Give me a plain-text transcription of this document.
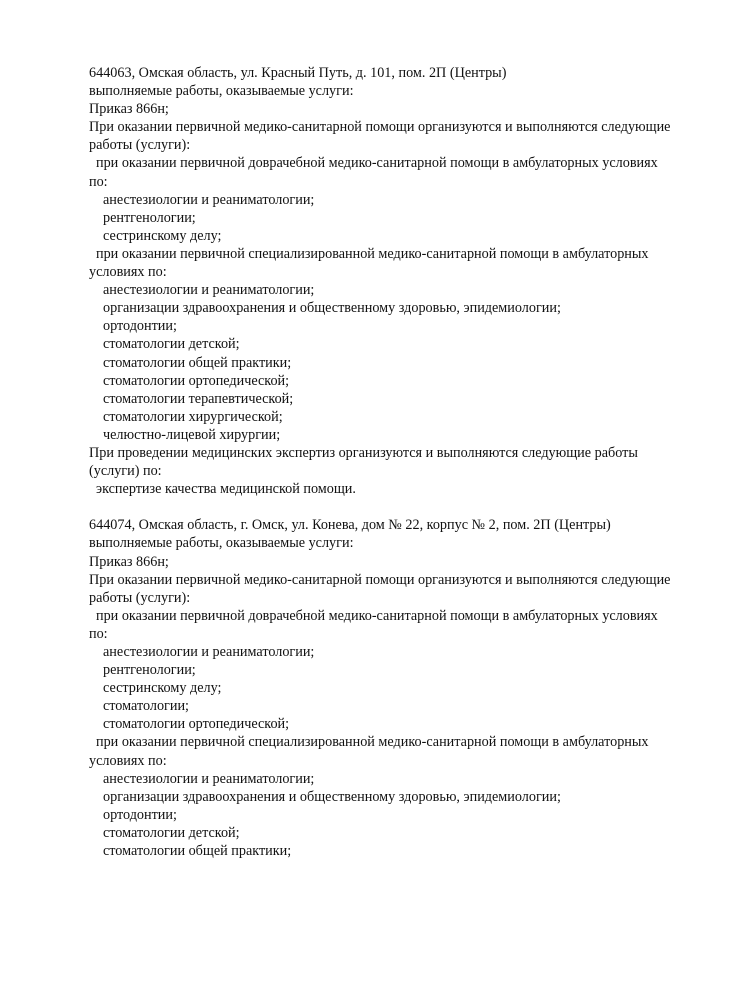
644063, Омская область, ул. Красный Путь, д. 101, пом. 2П (Центры)
выполняемые работы, оказываемые услуги:
Приказ 866н;
При оказании первичной медико-санитарной помощи организуются и выполняются следующие
работы (услуги):
при оказании первичной доврачебной медико-санитарной помощи в амбулаторных условиях
по:
анестезиологии и реаниматологии;
рентгенологии;
сестринскому делу;
при оказании первичной специализированной медико-санитарной помощи в амбулаторных
условиях по:
анестезиологии и реаниматологии;
организации здравоохранения и общественному здоровью, эпидемиологии;
ортодонтии;
стоматологии детской;
стоматологии общей практики;
стоматологии ортопедической;
стоматологии терапевтической;
стоматологии хирургической;
челюстно-лицевой хирургии;
При проведении медицинских экспертиз организуются и выполняются следующие работы
(услуги) по:
экспертизе качества медицинской помощи.
644074, Омская область, г. Омск, ул. Конева, дом № 22, корпус № 2, пом. 2П (Центры)
выполняемые работы, оказываемые услуги:
Приказ 866н;
При оказании первичной медико-санитарной помощи организуются и выполняются следующие
работы (услуги):
при оказании первичной доврачебной медико-санитарной помощи в амбулаторных условиях
по:
анестезиологии и реаниматологии;
рентгенологии;
сестринскому делу;
стоматологии;
стоматологии ортопедической;
при оказании первичной специализированной медико-санитарной помощи в амбулаторных
условиях по:
анестезиологии и реаниматологии;
организации здравоохранения и общественному здоровью, эпидемиологии;
ортодонтии;
стоматологии детской;
стоматологии общей практики;
